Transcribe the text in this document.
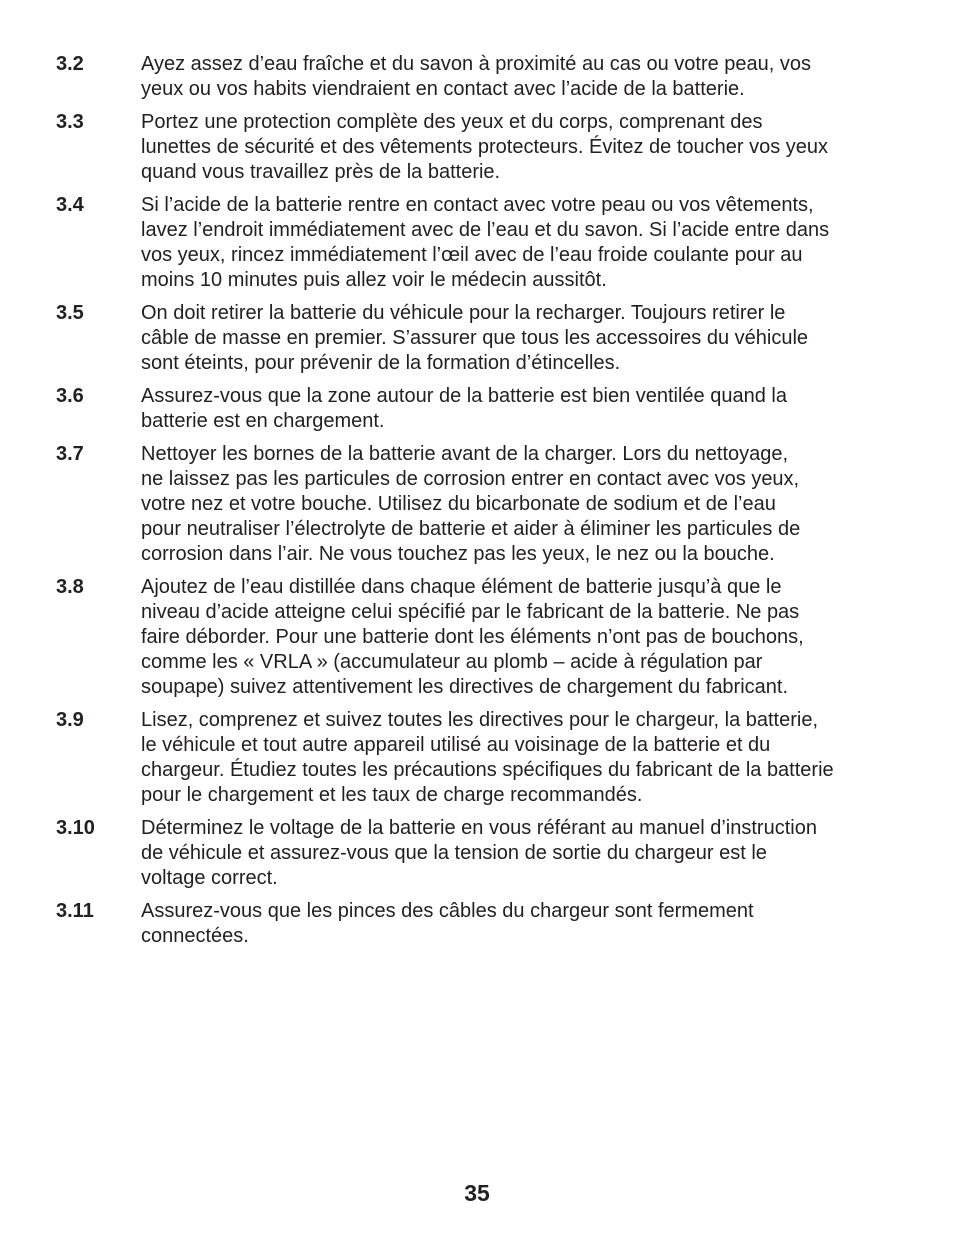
3.2	Ayez assez d’eau fraîche et du savon à proximité au cas ou votre peau, vos
yeux ou vos habits viendraient en contact avec l’acide de la batterie.
3.3	Portez une protection complète des yeux et du corps, comprenant des
lunettes de sécurité et des vêtements protecteurs. Évitez de toucher vos yeux
quand vous travaillez près de la batterie.
3.4	Si l’acide de la batterie rentre en contact avec votre peau ou vos vêtements,
lavez l’endroit immédiatement avec de l’eau et du savon. Si l’acide entre dans
vos yeux, rincez immédiatement l’œil avec de l’eau froide coulante pour au
moins 10 minutes puis allez voir le médecin aussitôt.
3.5	On doit retirer la batterie du véhicule pour la recharger. Toujours retirer le
câble de masse en premier. S’assurer que tous les accessoires du véhicule
sont éteints, pour prévenir de la formation d’étincelles.
3.6	Assurez-vous que la zone autour de la batterie est bien ventilée quand la
batterie est en chargement.
3.7	Nettoyer les bornes de la batterie avant de la charger. Lors du nettoyage,
ne laissez pas les particules de corrosion entrer en contact avec vos yeux,
votre nez et votre bouche. Utilisez du bicarbonate de sodium et de l’eau
pour neutraliser l’électrolyte de batterie et aider à éliminer les particules de
corrosion dans l’air. Ne vous touchez pas les yeux, le nez ou la bouche.
3.8	Ajoutez de l’eau distillée dans chaque élément de batterie jusqu’à que le
niveau d’acide atteigne celui spécifié par le fabricant de la batterie. Ne pas
faire déborder. Pour une batterie dont les éléments n’ont pas de bouchons,
comme les « VRLA » (accumulateur au plomb – acide à régulation par
soupape) suivez attentivement les directives de chargement du fabricant.
3.9	Lisez, comprenez et suivez toutes les directives pour le chargeur, la batterie,
le véhicule et tout autre appareil utilisé au voisinage de la batterie et du
chargeur. Étudiez toutes les précautions spécifiques du fabricant de la batterie
pour le chargement et les taux de charge recommandés.
3.10	Déterminez le voltage de la batterie en vous référant au manuel d’instruction
de véhicule et assurez-vous que la tension de sortie du chargeur est le
voltage correct.
3.11	Assurez-vous que les pinces des câbles du chargeur sont fermement
connectées.
35
